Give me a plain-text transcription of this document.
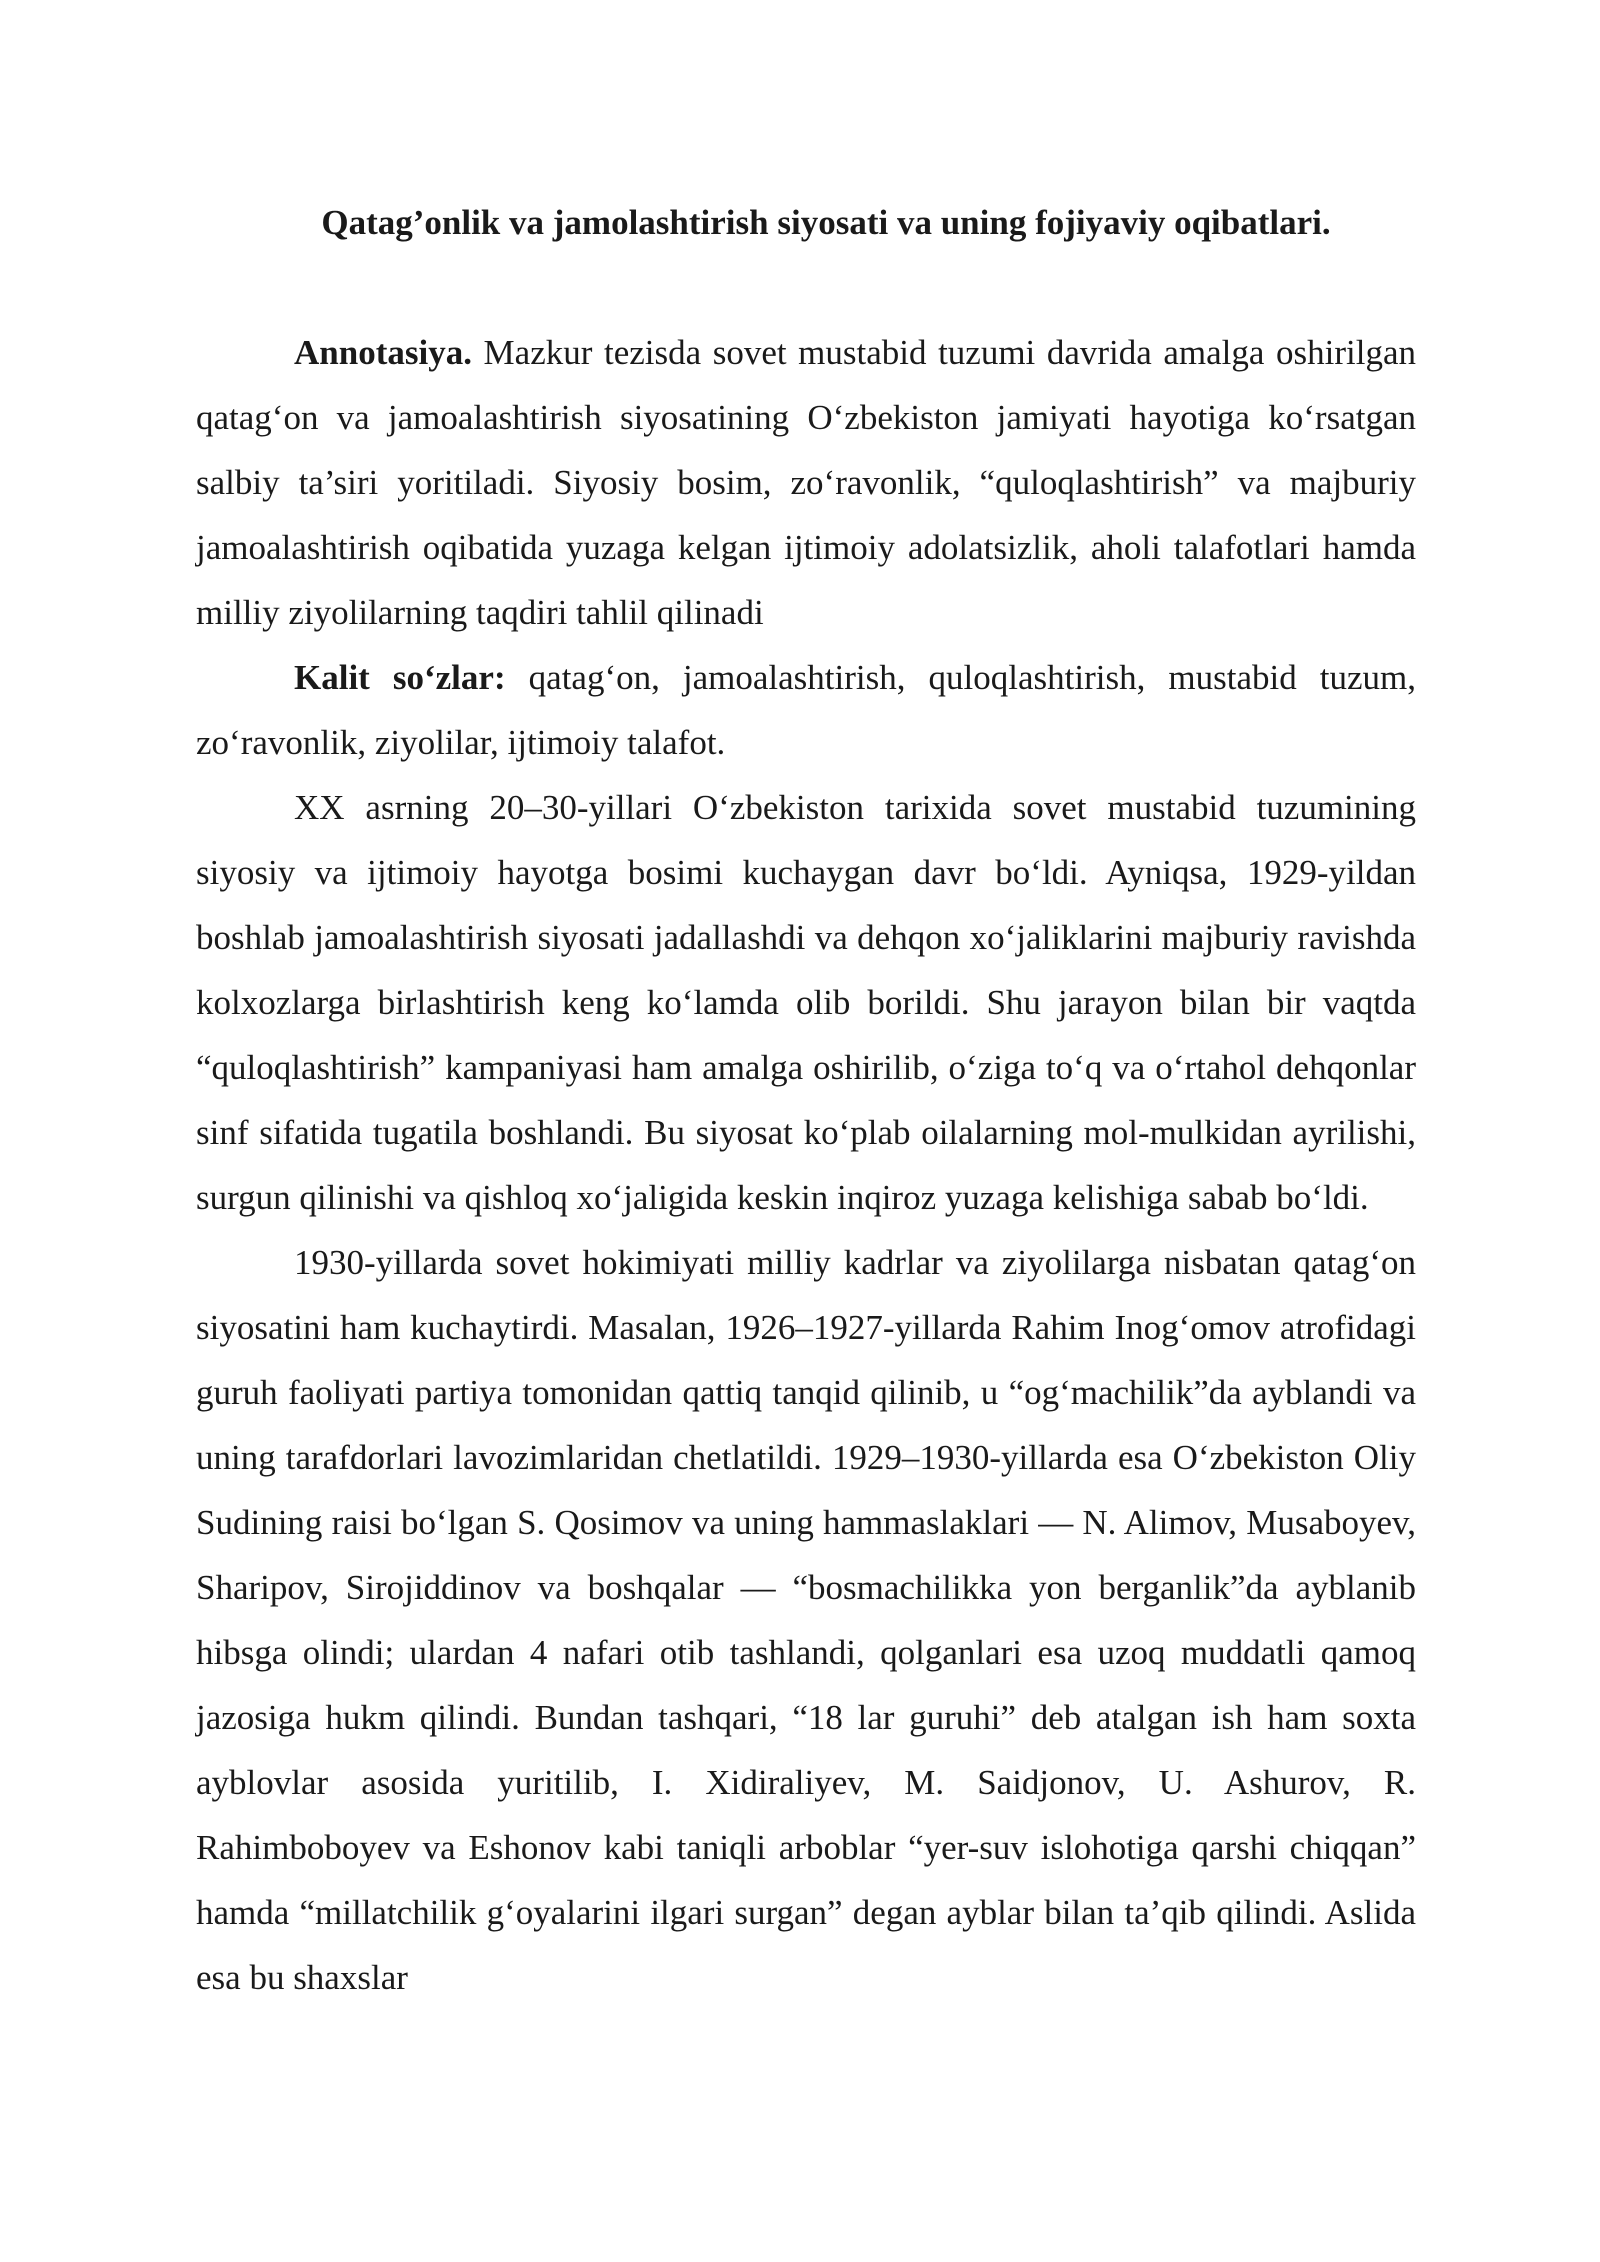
Qatag’onlik va jamolashtirish siyosati va uning fojiyaviy oqibatlari.

Annotasiya. Mazkur tezisda sovet mustabid tuzumi davrida amalga oshirilgan qatag‘on va jamoalashtirish siyosatining O‘zbekiston jamiyati hayotiga ko‘rsatgan salbiy ta’siri yoritiladi. Siyosiy bosim, zo‘ravonlik, “quloqlashtirish” va majburiy jamoalashtirish oqibatida yuzaga kelgan ijtimoiy adolatsizlik, aholi talafotlari hamda milliy ziyolilarning taqdiri tahlil qilinadi

Kalit so‘zlar: qatag‘on, jamoalashtirish, quloqlashtirish, mustabid tuzum, zo‘ravonlik, ziyolilar, ijtimoiy talafot.

XX asrning 20–30-yillari O‘zbekiston tarixida sovet mustabid tuzumining siyosiy va ijtimoiy hayotga bosimi kuchaygan davr bo‘ldi. Ayniqsa, 1929-yildan boshlab jamoalashtirish siyosati jadallashdi va dehqon xo‘jaliklarini majburiy ravishda kolxozlarga birlashtirish keng ko‘lamda olib borildi. Shu jarayon bilan bir vaqtda “quloqlashtirish” kampaniyasi ham amalga oshirilib, o‘ziga to‘q va o‘rtahol dehqonlar sinf sifatida tugatila boshlandi. Bu siyosat ko‘plab oilalarning mol-mulkidan ayrilishi, surgun qilinishi va qishloq xo‘jaligida keskin inqiroz yuzaga kelishiga sabab bo‘ldi.

1930-yillarda sovet hokimiyati milliy kadrlar va ziyolilarga nisbatan qatag‘on siyosatini ham kuchaytirdi. Masalan, 1926–1927-yillarda Rahim Inog‘omov atrofidagi guruh faoliyati partiya tomonidan qattiq tanqid qilinib, u “og‘machilik”da ayblandi va uning tarafdorlari lavozimlaridan chetlatildi. 1929–1930-yillarda esa O‘zbekiston Oliy Sudining raisi bo‘lgan S. Qosimov va uning hammaslaklari — N. Alimov, Musaboyev, Sharipov, Sirojiddinov va boshqalar — “bosmachilikka yon berganlik”da ayblanib hibsga olindi; ulardan 4 nafari otib tashlandi, qolganlari esa uzoq muddatli qamoq jazosiga hukm qilindi. Bundan tashqari, “18 lar guruhi” deb atalgan ish ham soxta ayblovlar asosida yuritilib, I. Xidiraliyev, M. Saidjonov, U. Ashurov, R. Rahimboboyev va Eshonov kabi taniqli arboblar “yer-suv islohotiga qarshi chiqqan” hamda “millatchilik g‘oyalarini ilgari surgan” degan ayblar bilan ta’qib qilindi. Aslida esa bu shaxslar
